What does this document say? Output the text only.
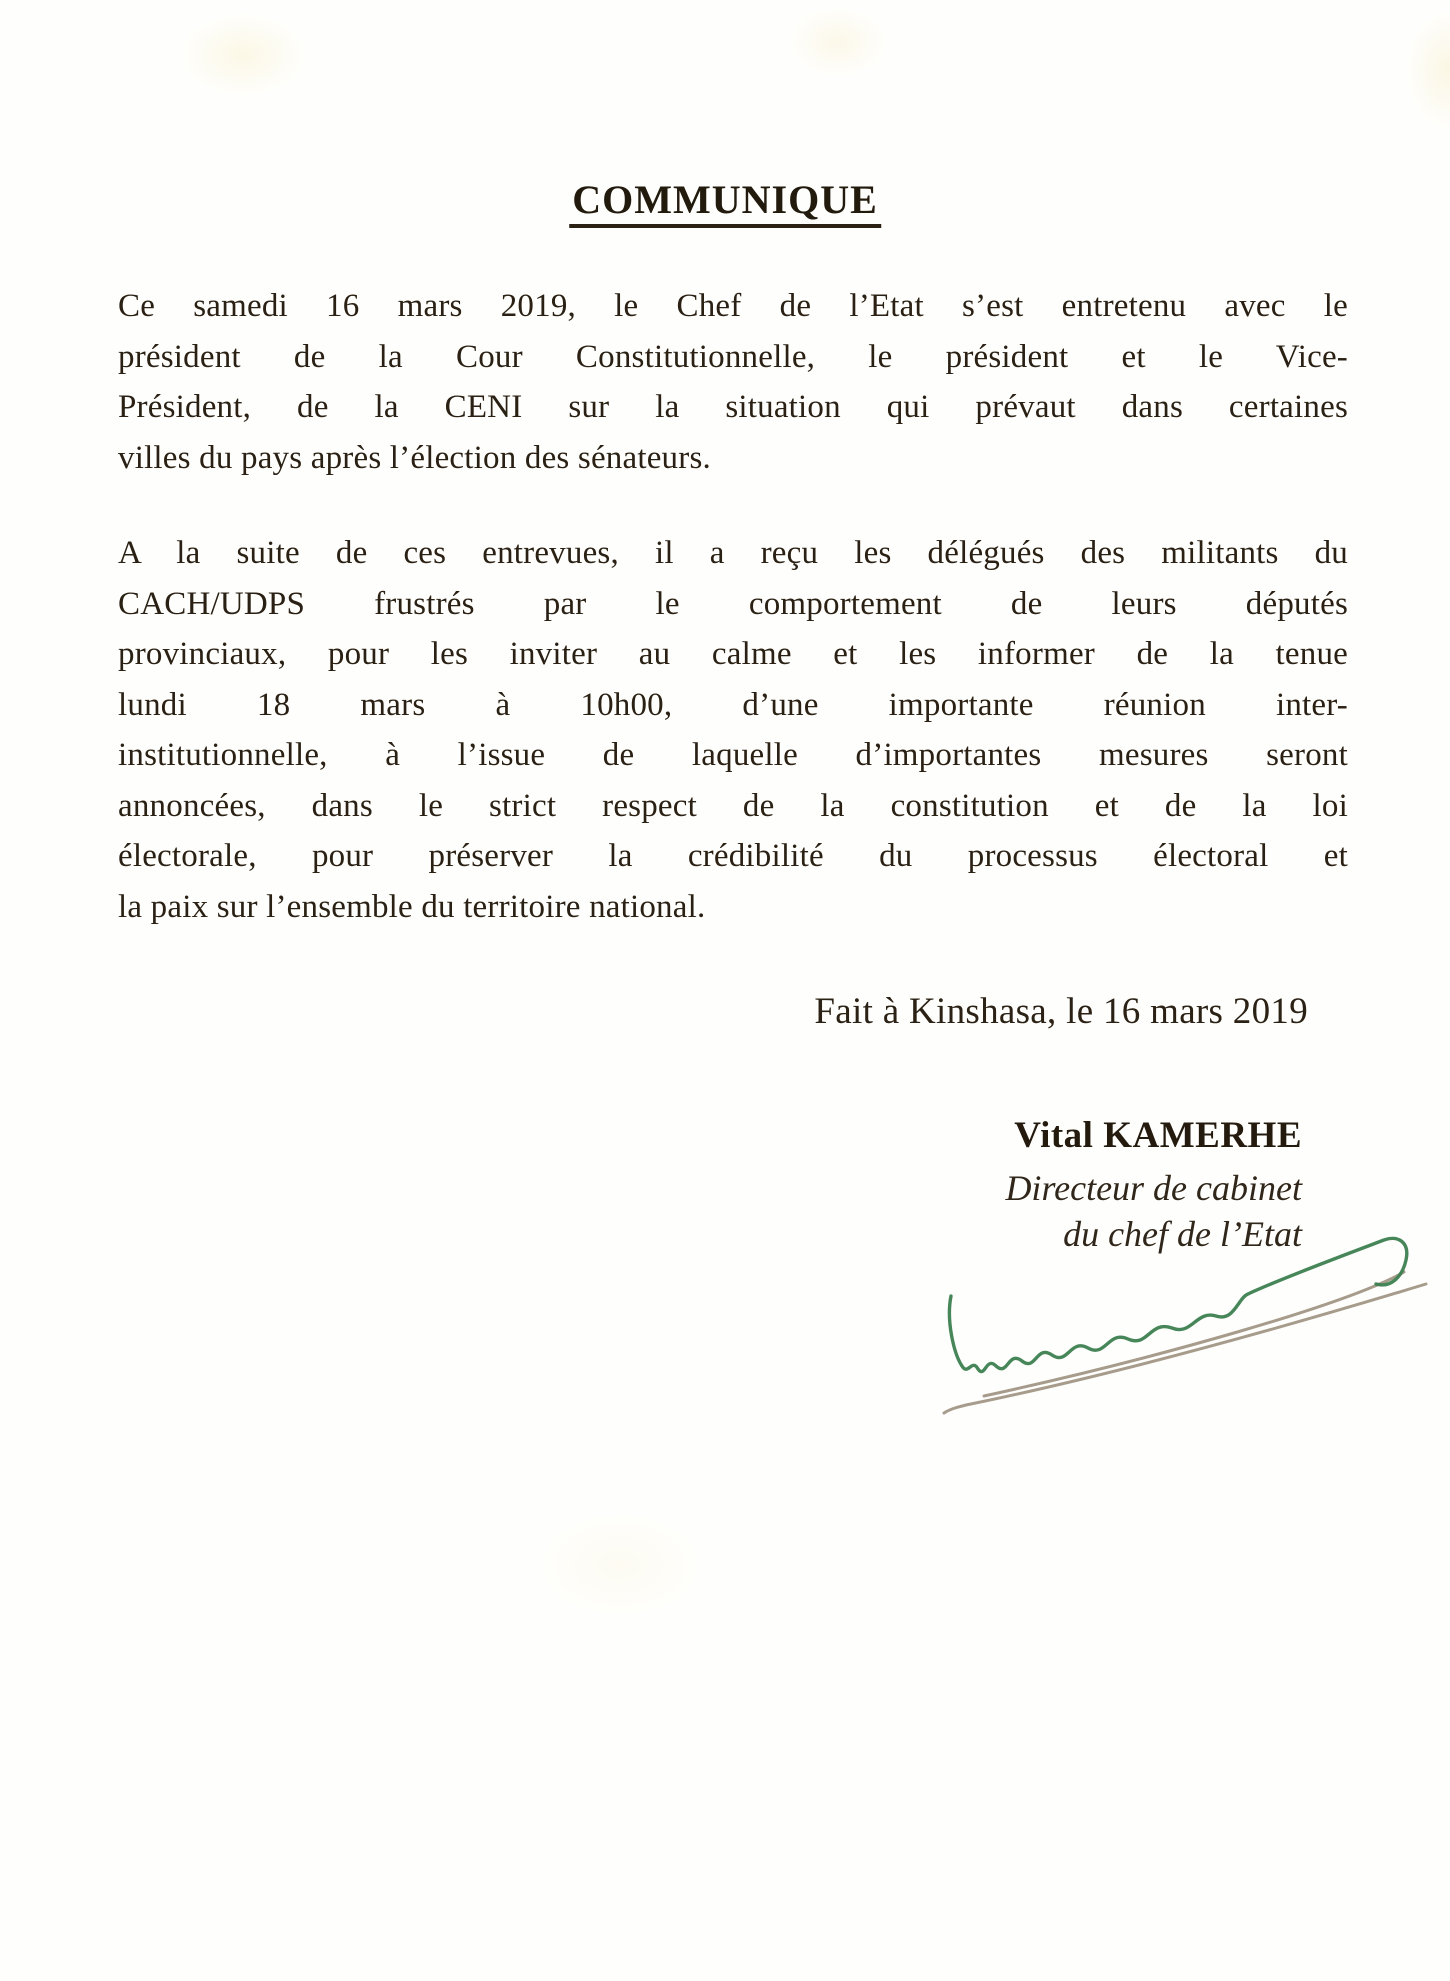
COMMUNIQUE
Ce samedi 16 mars 2019, le Chef de l’Etat s’est entretenu avec le
président de la Cour Constitutionnelle, le président et le Vice-
Président, de la CENI sur la situation qui prévaut dans certaines
villes du pays après l’élection des sénateurs.
A la suite de ces entrevues, il a reçu les délégués des militants du
CACH/UDPS frustrés par le comportement de leurs députés
provinciaux, pour les inviter au calme et les informer de la tenue
lundi 18 mars à 10h00, d’une importante réunion inter-
institutionnelle, à l’issue de laquelle d’importantes mesures seront
annoncées, dans le strict respect de la constitution et de la loi
électorale, pour préserver la crédibilité du processus électoral et
la paix sur l’ensemble du territoire national.
Fait à Kinshasa, le 16 mars 2019
Vital KAMERHE
Directeur de cabinet
du chef de l’Etat
